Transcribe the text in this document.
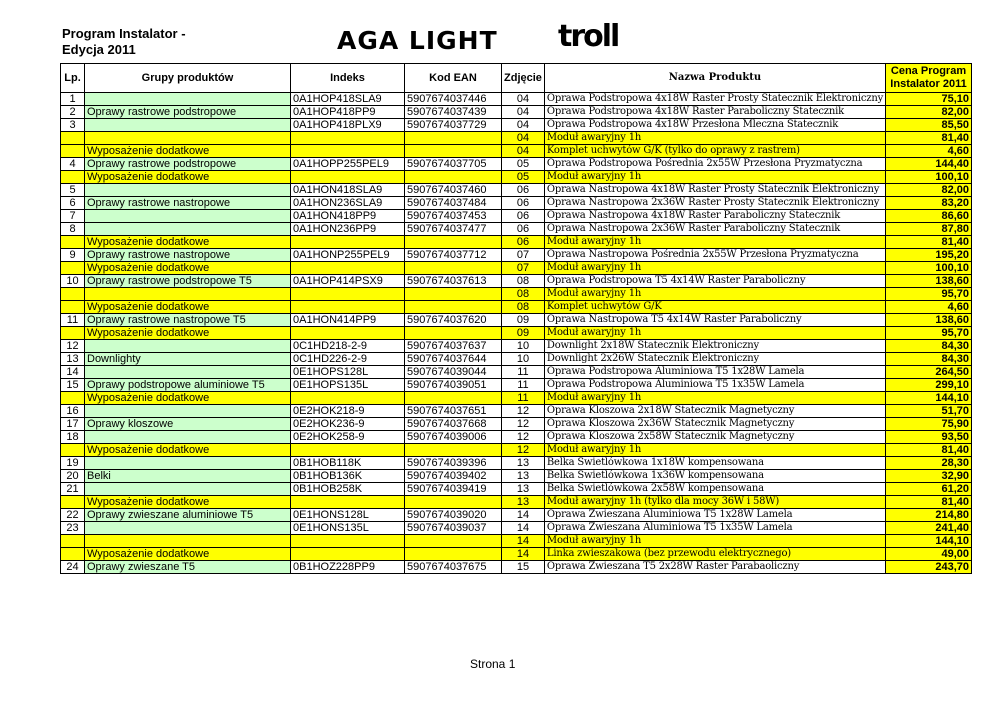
Program Instalator -
Edycja 2011	AGA LIGHT troll
Lp.	Grupy produktów	Indeks	Kod EAN	Zdjęcie	Nazwa Produktu	Cena Program Instalator 2011
1		0A1HOP418SLA9	5907674037446	04	Oprawa Podstropowa 4x18W Raster Prosty Statecznik Elektroniczny	75,10
2	Oprawy rastrowe podstropowe	0A1HOP418PP9	5907674037439	04	Oprawa Podstropowa 4x18W Raster Paraboliczny Statecznik	82,00
3		0A1HOP418PLX9	5907674037729	04	Oprawa Podstropowa 4x18W Przesłona Mleczna Statecznik	85,50
				04	Moduł awaryjny 1h	81,40
	Wyposażenie dodatkowe			04	Komplet uchwytów G/K (tylko do oprawy z rastrem)	4,60
4	Oprawy rastrowe podstropowe	0A1HOPP255PEL9	5907674037705	05	Oprawa Podstropowa Pośrednia 2x55W Przesłona Pryzmatyczna	144,40
	Wyposażenie dodatkowe			05	Moduł awaryjny 1h	100,10
5		0A1HON418SLA9	5907674037460	06	Oprawa Nastropowa 4x18W Raster Prosty Statecznik Elektroniczny	82,00
6	Oprawy rastrowe nastropowe	0A1HON236SLA9	5907674037484	06	Oprawa Nastropowa 2x36W Raster Prosty Statecznik Elektroniczny	83,20
7		0A1HON418PP9	5907674037453	06	Oprawa Nastropowa 4x18W Raster Paraboliczny Statecznik	86,60
8		0A1HON236PP9	5907674037477	06	Oprawa Nastropowa 2x36W Raster Paraboliczny Statecznik	87,80
	Wyposażenie dodatkowe			06	Moduł awaryjny 1h	81,40
9	Oprawy rastrowe nastropowe	0A1HONP255PEL9	5907674037712	07	Oprawa Nastropowa Pośrednia 2x55W Przesłona Pryzmatyczna	195,20
	Wyposażenie dodatkowe			07	Moduł awaryjny 1h	100,10
10	Oprawy rastrowe podstropowe T5	0A1HOP414PSX9	5907674037613	08	Oprawa Podstropowa T5 4x14W Raster Paraboliczny	138,60
				08	Moduł awaryjny 1h	95,70
	Wyposażenie dodatkowe			08	Komplet uchwytów G/K	4,60
11	Oprawy rastrowe nastropowe T5	0A1HON414PP9	5907674037620	09	Oprawa Nastropowa T5 4x14W Raster Paraboliczny	138,60
	Wyposażenie dodatkowe			09	Moduł awaryjny 1h	95,70
12		0C1HD218-2-9	5907674037637	10	Downlight 2x18W Statecznik Elektroniczny	84,30
13	Downlighty	0C1HD226-2-9	5907674037644	10	Downlight 2x26W Statecznik Elektroniczny	84,30
14		0E1HOPS128L	5907674039044	11	Oprawa Podstropowa Aluminiowa T5 1x28W Lamela	264,50
15	Oprawy podstropowe aluminiowe T5	0E1HOPS135L	5907674039051	11	Oprawa Podstropowa Aluminiowa T5 1x35W Lamela	299,10
	Wyposażenie dodatkowe			11	Moduł awaryjny 1h	144,10
16		0E2HOK218-9	5907674037651	12	Oprawa Kloszowa 2x18W Statecznik Magnetyczny	51,70
17	Oprawy kloszowe	0E2HOK236-9	5907674037668	12	Oprawa Kloszowa 2x36W Statecznik Magnetyczny	75,90
18		0E2HOK258-9	5907674039006	12	Oprawa Kloszowa 2x58W Statecznik Magnetyczny	93,50
	Wyposażenie dodatkowe			12	Moduł awaryjny 1h	81,40
19		0B1HOB118K	5907674039396	13	Belka Świetlówkowa 1x18W kompensowana	28,30
20	Belki	0B1HOB136K	5907674039402	13	Belka Świetlówkowa 1x36W kompensowana	32,90
21		0B1HOB258K	5907674039419	13	Belka Świetlówkowa 2x58W kompensowana	61,20
	Wyposażenie dodatkowe			13	Moduł awaryjny 1h (tylko dla mocy 36W i 58W)	81,40
22	Oprawy zwieszane aluminiowe T5	0E1HONS128L	5907674039020	14	Oprawa Zwieszana Aluminiowa T5 1x28W Lamela	214,80
23		0E1HONS135L	5907674039037	14	Oprawa Zwieszana Aluminiowa T5 1x35W Lamela	241,40
				14	Moduł awaryjny 1h	144,10
	Wyposażenie dodatkowe			14	Linka zwieszakowa (bez przewodu elektrycznego)	49,00
24	Oprawy zwieszane T5	0B1HOZ228PP9	5907674037675	15	Oprawa Zwieszana T5 2x28W Raster Parabaoliczny	243,70
Strona 1
